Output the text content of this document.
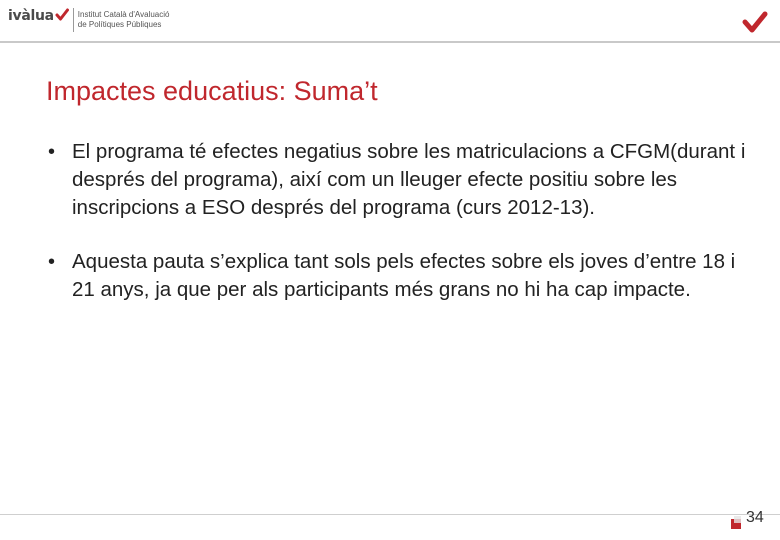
ivàlua	Institut Català d'Avaluació
de Polítiques Públiques
Impactes educatius: Suma’t
• El programa té efectes negatius sobre les matriculacions a CFGM(durant i després del programa), així com un lleuger efecte positiu sobre les inscripcions a ESO després del programa (curs 2012-13).
• Aquesta pauta s’explica tant sols pels efectes sobre els joves d’entre 18 i 21 anys, ja que per als participants més grans no hi ha cap impacte.
34
